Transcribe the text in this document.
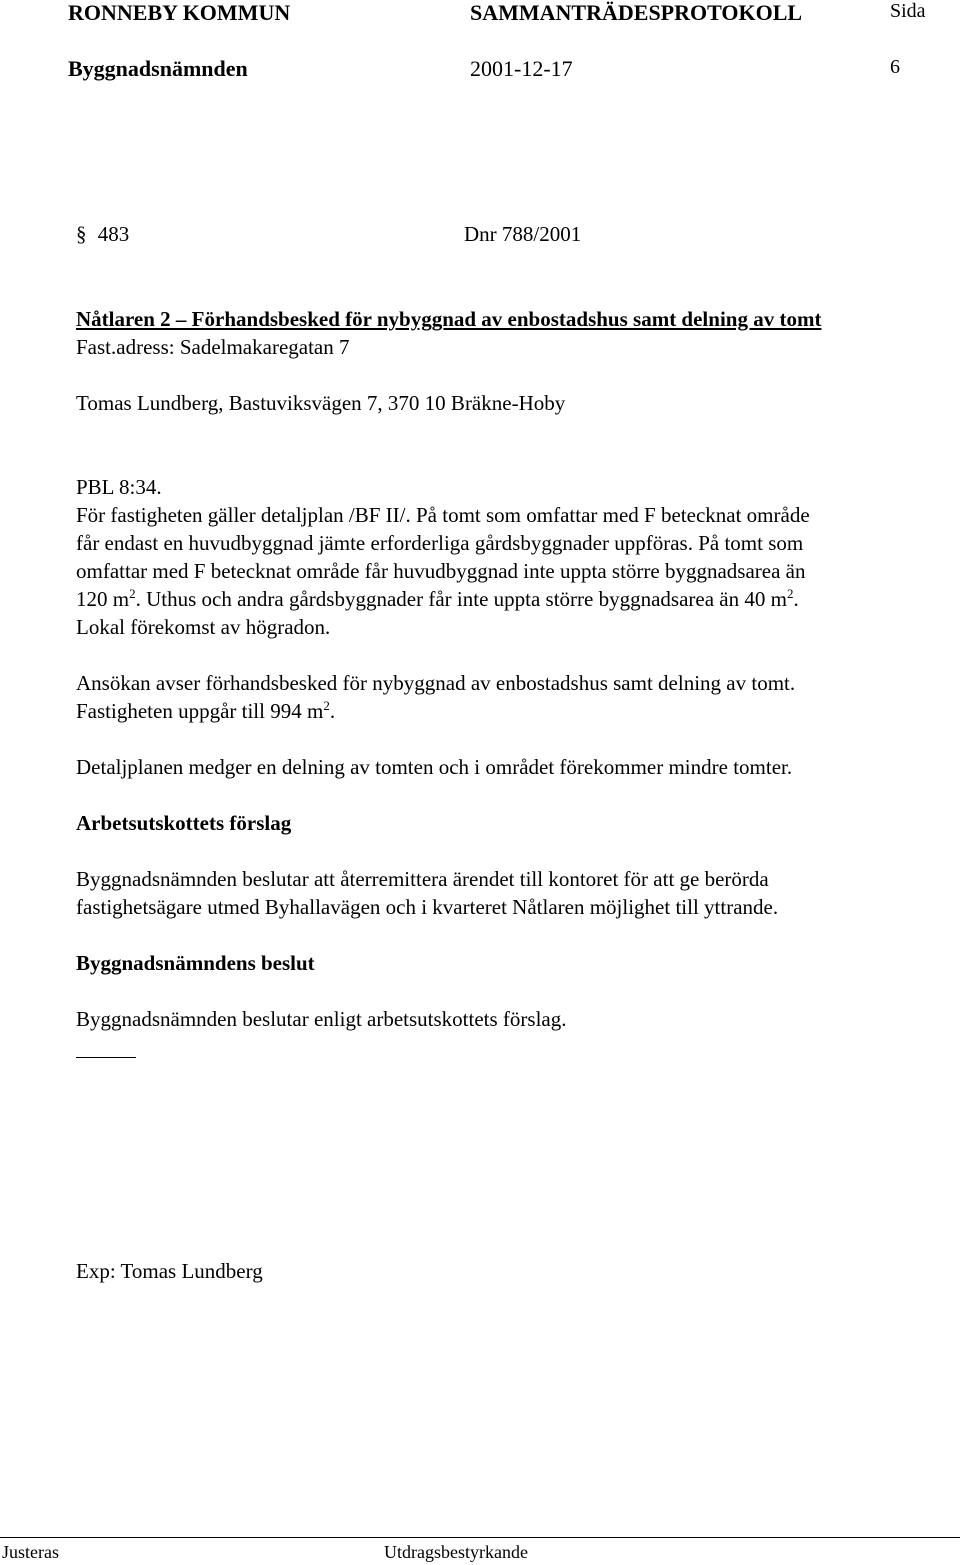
RONNEBY KOMMUN	SAMMANTRÄDESPROTOKOLL	Sida
Byggnadsnämnden	2001-12-17	6
§ 483	Dnr 788/2001
Nåtlaren 2 – Förhandsbesked för nybyggnad av enbostadshus samt delning av tomt
Fast.adress: Sadelmakaregatan 7
Tomas Lundberg, Bastuviksvägen 7, 370 10 Bräkne-Hoby
PBL 8:34.
För fastigheten gäller detaljplan /BF II/. På tomt som omfattar med F betecknat område
får endast en huvudbyggnad jämte erforderliga gårdsbyggnader uppföras. På tomt som
omfattar med F betecknat område får huvudbyggnad inte uppta större byggnadsarea än
120 $m^2$. Uthus och andra gårdsbyggnader får inte uppta större byggnadsarea än 40 $m^2$.
Lokal förekomst av högradon.
Ansökan avser förhandsbesked för nybyggnad av enbostadshus samt delning av tomt.
Fastigheten uppgår till 994 $m^2$.
Detaljplanen medger en delning av tomten och i området förekommer mindre tomter.
Arbetsutskottets förslag
Byggnadsnämnden beslutar att återremittera ärendet till kontoret för att ge berörda
fastighetsägare utmed Byhallavägen och i kvarteret Nåtlaren möjlighet till yttrande.
Byggnadsnämndens beslut
Byggnadsnämnden beslutar enligt arbetsutskottets förslag.
Exp: Tomas Lundberg
Justeras	Utdragsbestyrkande
